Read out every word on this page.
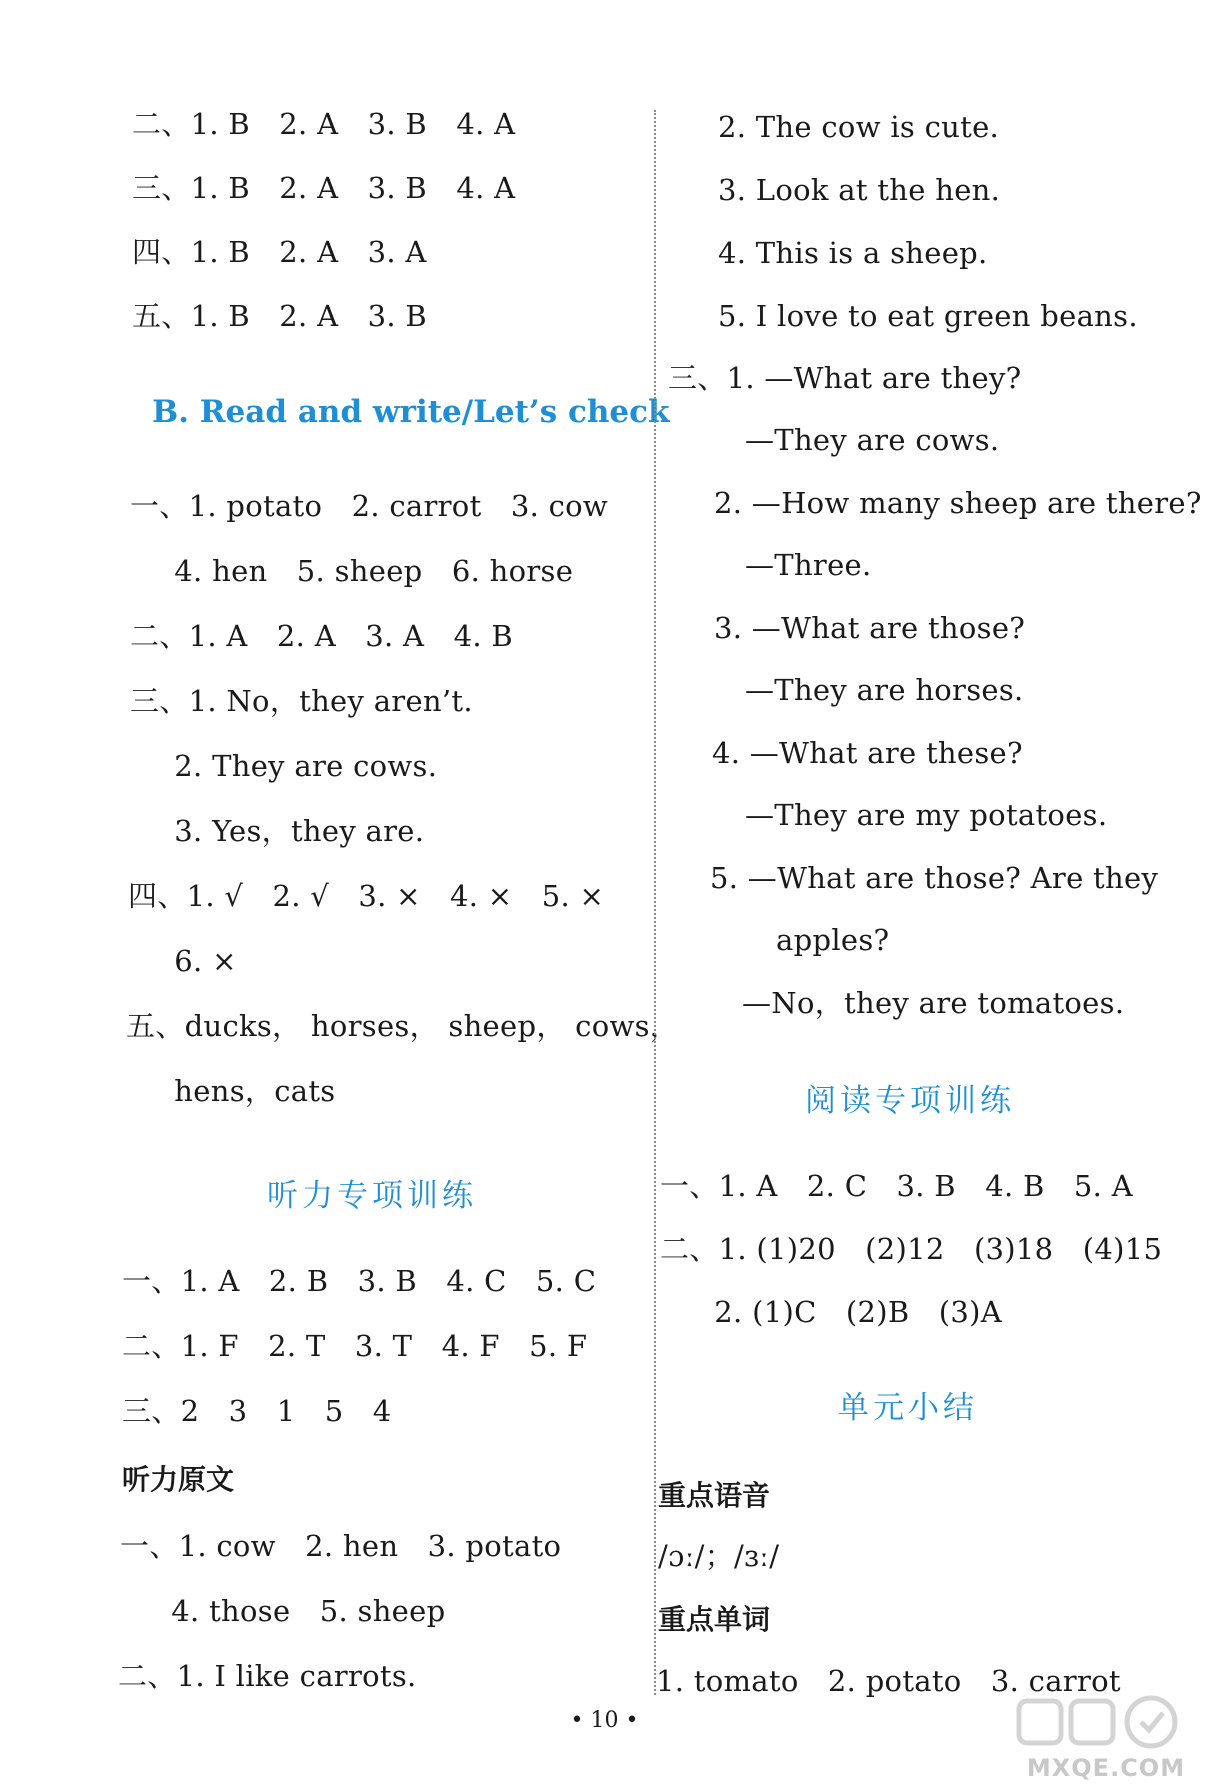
二、1. B　2. A　3. B　4. A
三、1. B　2. A　3. B　4. A
四、1. B　2. A　3. A
五、1. B　2. A　3. B
B. Read and write/Let’s check
一、1. potato　2. carrot　3. cow
　4. hen　5. sheep　6. horse
二、1. A　2. A　3. A　4. B
三、1. No，they aren’t.
　2. They are cows.
　3. Yes，they are.
四、1. √　2. √　3. ×　4. ×　5. ×
　6. ×
五、ducks， horses， sheep， cows，
　hens，cats
听力专项训练
一、1. A　2. B　3. B　4. C　5. C
二、1. F　2. T　3. T　4. F　5. F
三、2　3　1　5　4
听力原文
一、1. cow　2. hen　3. potato
　4. those　5. sheep
二、1. I like carrots.
2. The cow is cute.
3. Look at the hen.
4. This is a sheep.
5. I love to eat green beans.
三、1. —What are they?
—They are cows.
2. —How many sheep are there?
—Three.
3. —What are those?
—They are horses.
4. —What are these?
—They are my potatoes.
5. —What are those? Are they
apples?
—No，they are tomatoes.
阅读专项训练
一、1. A　2. C　3. B　4. B　5. A
二、1. (1)20　(2)12　(3)18　(4)15
　2. (1)C　(2)B　(3)A
单元小结
重点语音
/ɔː/；/ɜː/
重点单词
1. tomato　2. potato　3. carrot
• 10 •
MXQE.COM
